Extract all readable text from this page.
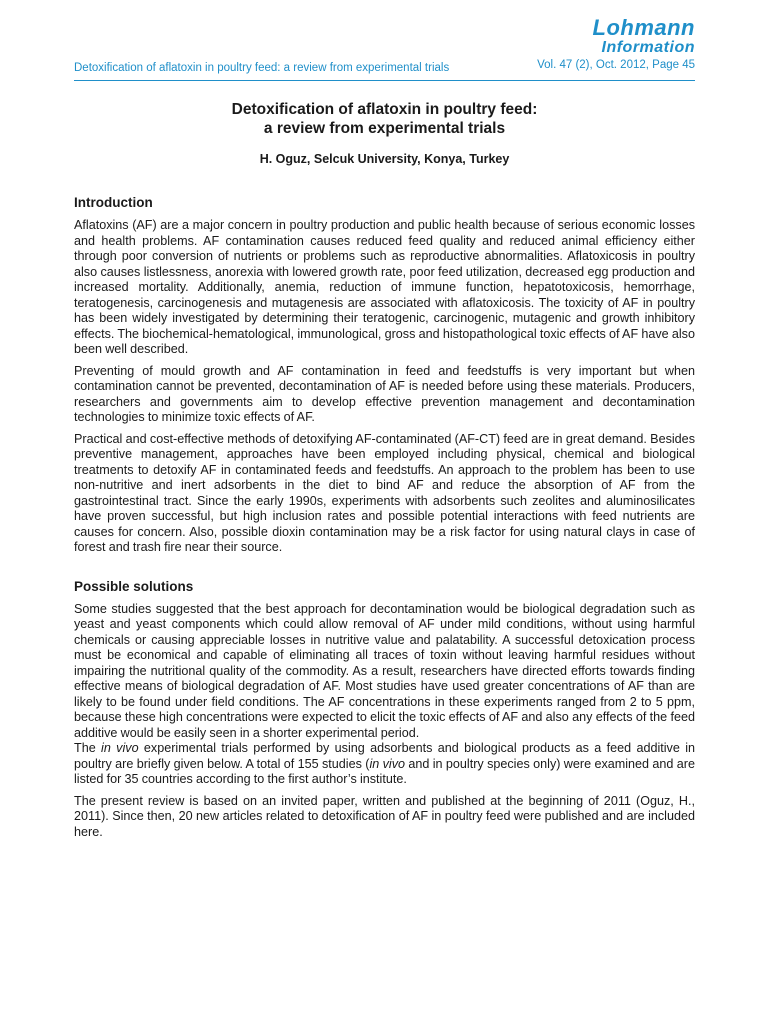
Lohmann
Information
Detoxification of aflatoxin in poultry feed: a review from experimental trials	Vol. 47 (2), Oct. 2012, Page 45
Detoxification of aflatoxin in poultry feed:
a review from experimental trials
H. Oguz, Selcuk University, Konya, Turkey
Introduction

Aflatoxins (AF) are a major concern in poultry production and public health because of serious economic losses and health problems. AF contamination causes reduced feed quality and reduced animal efficiency either through poor conversion of nutrients or problems such as reproductive abnormalities. Aflatoxicosis in poultry also causes listlessness, anorexia with lowered growth rate, poor feed utilization, decreased egg production and increased mortality. Additionally, anemia, reduction of immune function, hepatotoxicosis, hemorrhage, teratogenesis, carcinogenesis and mutagenesis are associated with aflatoxicosis. The toxicity of AF in poultry has been widely investigated by determining their teratogenic, carcinogenic, mutagenic and growth inhibitory effects. The biochemical-hematological, immunological, gross and histopathological toxic effects of AF have also been well described.

Preventing of mould growth and AF contamination in feed and feedstuffs is very important but when contamination cannot be prevented, decontamination of AF is needed before using these materials. Producers, researchers and governments aim to develop effective prevention management and decontamination technologies to minimize toxic effects of AF.

Practical and cost-effective methods of detoxifying AF-contaminated (AF-CT) feed are in great demand. Besides preventive management, approaches have been employed including physical, chemical and biological treatments to detoxify AF in contaminated feeds and feedstuffs. An approach to the problem has been to use non-nutritive and inert adsorbents in the diet to bind AF and reduce the absorption of AF from the gastrointestinal tract. Since the early 1990s, experiments with adsorbents such zeolites and aluminosilicates have proven successful, but high inclusion rates and possible potential interactions with feed nutrients are causes for concern. Also, possible dioxin contamination may be a risk factor for using natural clays in case of forest and trash fire near their source.

Possible solutions

Some studies suggested that the best approach for decontamination would be biological degradation such as yeast and yeast components which could allow removal of AF under mild conditions, without using harmful chemicals or causing appreciable losses in nutritive value and palatability. A successful detoxication process must be economical and capable of eliminating all traces of toxin without leaving harmful residues without impairing the nutritional quality of the commodity. As a result, researchers have directed efforts towards finding effective means of biological degradation of AF. Most studies have used greater concentrations of AF than are likely to be found under field conditions. The AF concentrations in these experiments ranged from 2 to 5 ppm, because these high concentrations were expected to elicit the toxic effects of AF and also any effects of the feed additive would be easily seen in a shorter experimental period.

The in vivo experimental trials performed by using adsorbents and biological products as a feed additive in poultry are briefly given below. A total of 155 studies (in vivo and in poultry species only) were examined and are listed for 35 countries according to the first author’s institute.

The present review is based on an invited paper, written and published at the beginning of 2011 (Oguz, H., 2011). Since then, 20 new articles related to detoxification of AF in poultry feed were published and are included here.
